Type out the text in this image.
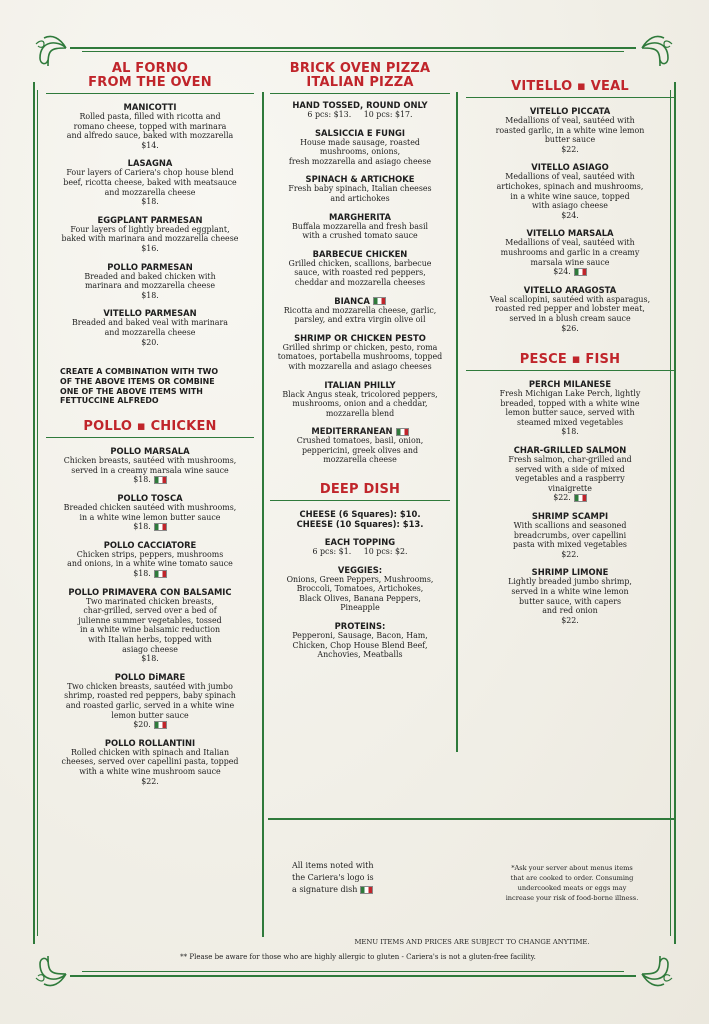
AL FORNO
FROM THE OVEN
MANICOTTI
Rolled pasta, filled with ricotta and
romano cheese, topped with marinara
and alfredo sauce, baked with mozzarella
$14.
LASAGNA
Four layers of Cariera's chop house blend
beef, ricotta cheese, baked with meatsauce
and mozzarella cheese
$18.
EGGPLANT PARMESAN
Four layers of lightly breaded eggplant,
baked with marinara and mozzarella cheese
$16.
POLLO PARMESAN
Breaded and baked chicken with
marinara and mozzarella cheese
$18.
VITELLO PARMESAN
Breaded and baked veal with marinara
and mozzarella cheese
$20.
CREATE A COMBINATION WITH TWO
OF THE ABOVE ITEMS OR COMBINE
ONE OF THE ABOVE ITEMS WITH
FETTUCCINE ALFREDO
POLLO ▪ CHICKEN
POLLO MARSALA
Chicken breasts, sautéed with mushrooms,
served in a creamy marsala wine sauce
$18.
POLLO TOSCA
Breaded chicken sautéed with mushrooms,
in a white wine lemon butter sauce
$18.
POLLO CACCIATORE
Chicken strips, peppers, mushrooms
and onions, in a white wine tomato sauce
$18.
POLLO PRIMAVERA CON BALSAMIC
Two marinated chicken breasts,
char-grilled, served over a bed of
julienne summer vegetables, tossed
in a white wine balsamic reduction
with Italian herbs, topped with
asiago cheese
$18.
POLLO DiMARE
Two chicken breasts, sautéed with jumbo
shrimp, roasted red peppers, baby spinach
and roasted garlic, served in a white wine
lemon butter sauce
$20.
POLLO ROLLANTINI
Rolled chicken with spinach and Italian
cheeses, served over capellini pasta, topped
with a white wine mushroom sauce
$22.
BRICK OVEN PIZZA
ITALIAN PIZZA
HAND TOSSED, ROUND ONLY
6 pcs: $13.     10 pcs: $17.
SALSICCIA E FUNGI
House made sausage, roasted
mushrooms, onions,
fresh mozzarella and asiago cheese
SPINACH & ARTICHOKE
Fresh baby spinach, Italian cheeses
and artichokes
MARGHERITA
Buffala mozzarella and fresh basil
with a crushed tomato sauce
BARBECUE CHICKEN
Grilled chicken, scallions, barbecue
sauce, with roasted red peppers,
cheddar and mozzarella cheeses
BIANCA
Ricotta and mozzarella cheese, garlic,
parsley, and extra virgin olive oil
SHRIMP OR CHICKEN PESTO
Grilled shrimp or chicken, pesto, roma
tomatoes, portabella mushrooms, topped
with mozzarella and asiago cheeses
ITALIAN PHILLY
Black Angus steak, tricolored peppers,
mushrooms, onion and a cheddar,
mozzarella blend
MEDITERRANEAN
Crushed tomatoes, basil, onion,
peppericini, greek olives and
mozzarella cheese
DEEP DISH
CHEESE (6 Squares): $10.
CHEESE (10 Squares): $13.
EACH TOPPING
6 pcs: $1.     10 pcs: $2.
VEGGIES:
Onions, Green Peppers, Mushrooms,
Broccoli, Tomatoes, Artichokes,
Black Olives, Banana Peppers,
Pineapple
PROTEINS:
Pepperoni, Sausage, Bacon, Ham,
Chicken, Chop House Blend Beef,
Anchovies, Meatballs
VITELLO ▪ VEAL
VITELLO PICCATA
Medallions of veal, sautéed with
roasted garlic, in a white wine lemon
butter sauce
$22.
VITELLO ASIAGO
Medallions of veal, sautéed with
artichokes, spinach and mushrooms,
in a white wine sauce, topped
with asiago cheese
$24.
VITELLO MARSALA
Medallions of veal, sautéed with
mushrooms and garlic in a creamy
marsala wine sauce
$24.
VITELLO ARAGOSTA
Veal scallopini, sautéed with asparagus,
roasted red pepper and lobster meat,
served in a blush cream sauce
$26.
PESCE ▪ FISH
PERCH MILANESE
Fresh Michigan Lake Perch, lightly
breaded, topped with a white wine
lemon butter sauce, served with
steamed mixed vegetables
$18.
CHAR-GRILLED SALMON
Fresh salmon, char-grilled and
served with a side of mixed
vegetables and a raspberry
vinaigrette
$22.
SHRIMP SCAMPI
With scallions and seasoned
breadcrumbs, over capellini
pasta with mixed vegetables
$22.
SHRIMP LIMONE
Lightly breaded jumbo shrimp,
served in a white wine lemon
butter sauce, with capers
and red onion
$22.
All items noted with
the Cariera's logo is
a signature dish
*Ask your server about menus items
that are cooked to order. Consuming
undercooked meats or eggs may
increase your risk of food-borne illness.
MENU ITEMS AND PRICES ARE SUBJECT TO CHANGE ANYTIME.
** Please be aware for those who are highly allergic to gluten - Cariera's is not a gluten-free facility.
